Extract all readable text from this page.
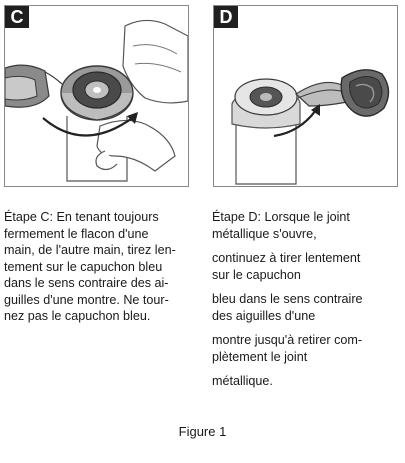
C	D
Étape C: En tenant toujours
fermement le flacon d'une
main, de l'autre main, tirez len-
tement sur le capuchon bleu
dans le sens contraire des ai-
guilles d'une montre. Ne tour-
nez pas le capuchon bleu.
Étape D: Lorsque le joint
métallique s'ouvre,
continuez à tirer lentement
sur le capuchon
bleu dans le sens contraire
des aiguilles d'une
montre jusqu'à retirer com-
plètement le joint
métallique.
Figure 1
